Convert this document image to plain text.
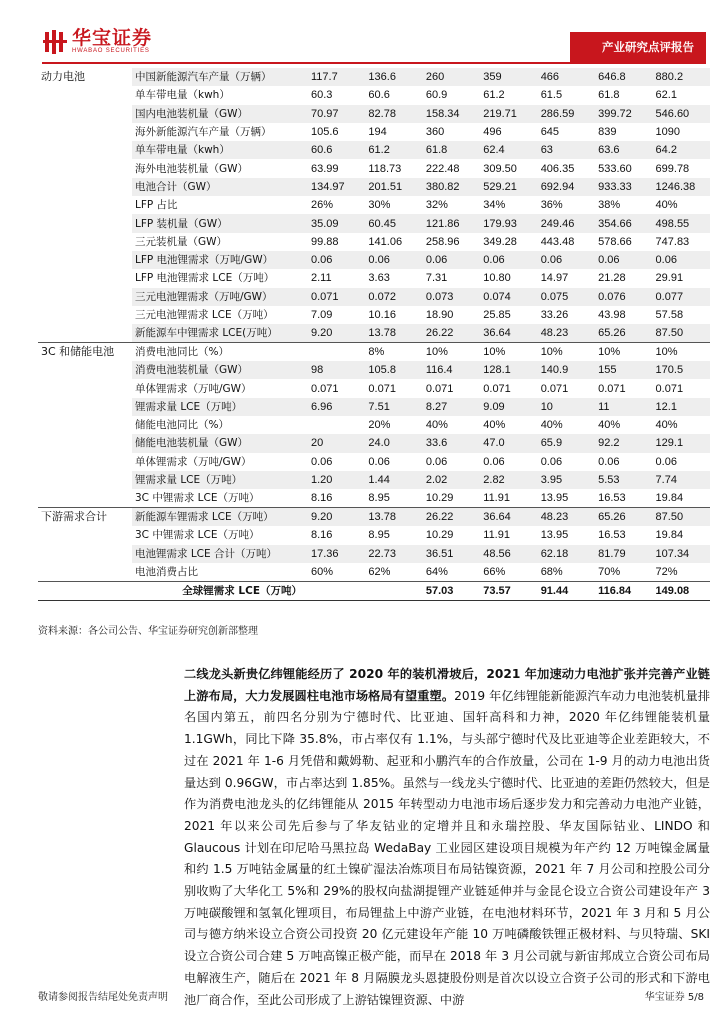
华宝证券
HWABAO SECURITIES	产业研究点评报告
动力电池	中国新能源汽车产量（万辆）	117.7	136.6	260	359	466	646.8	880.2
	单车带电量（kwh）	60.3	60.6	60.9	61.2	61.5	61.8	62.1
	国内电池装机量（GW）	70.97	82.78	158.34	219.71	286.59	399.72	546.60
	海外新能源汽车产量（万辆）	105.6	194	360	496	645	839	1090
	单车带电量（kwh）	60.6	61.2	61.8	62.4	63	63.6	64.2
	海外电池装机量（GW）	63.99	118.73	222.48	309.50	406.35	533.60	699.78
	电池合计（GW）	134.97	201.51	380.82	529.21	692.94	933.33	1246.38
	LFP 占比	26%	30%	32%	34%	36%	38%	40%
	LFP 装机量（GW）	35.09	60.45	121.86	179.93	249.46	354.66	498.55
	三元装机量（GW）	99.88	141.06	258.96	349.28	443.48	578.66	747.83
	LFP 电池锂需求（万吨/GW）	0.06	0.06	0.06	0.06	0.06	0.06	0.06
	LFP 电池锂需求 LCE（万吨）	2.11	3.63	7.31	10.80	14.97	21.28	29.91
	三元电池锂需求（万吨/GW）	0.071	0.072	0.073	0.074	0.075	0.076	0.077
	三元电池锂需求 LCE（万吨）	7.09	10.16	18.90	25.85	33.26	43.98	57.58
	新能源车中锂需求 LCE(万吨）	9.20	13.78	26.22	36.64	48.23	65.26	87.50
3C 和储能电池	消费电池同比（%）		8%	10%	10%	10%	10%	10%
	消费电池装机量（GW）	98	105.8	116.4	128.1	140.9	155	170.5
	单体锂需求（万吨/GW）	0.071	0.071	0.071	0.071	0.071	0.071	0.071
	锂需求量 LCE（万吨）	6.96	7.51	8.27	9.09	10	11	12.1
	储能电池同比（%）		20%	40%	40%	40%	40%	40%
	储能电池装机量（GW）	20	24.0	33.6	47.0	65.9	92.2	129.1
	单体锂需求（万吨/GW）	0.06	0.06	0.06	0.06	0.06	0.06	0.06
	锂需求量 LCE（万吨）	1.20	1.44	2.02	2.82	3.95	5.53	7.74
	3C 中锂需求 LCE（万吨）	8.16	8.95	10.29	11.91	13.95	16.53	19.84
下游需求合计	新能源车锂需求 LCE（万吨）	9.20	13.78	26.22	36.64	48.23	65.26	87.50
	3C 中锂需求 LCE（万吨）	8.16	8.95	10.29	11.91	13.95	16.53	19.84
	电池锂需求 LCE 合计（万吨）	17.36	22.73	36.51	48.56	62.18	81.79	107.34
	电池消费占比	60%	62%	64%	66%	68%	70%	72%
全球锂需求 LCE（万吨）				57.03	73.57	91.44	116.84	149.08
资料来源：各公司公告、华宝证券研究创新部整理
二线龙头新贵亿纬锂能经历了 2020 年的装机滑坡后，2021 年加速动力电池扩张并完善产业链上游布局，大力发展圆柱电池市场格局有望重塑。2019 年亿纬锂能新能源汽车动力电池装机量排名国内第五，前四名分别为宁德时代、比亚迪、国轩高科和力神，2020 年亿纬锂能装机量 1.1GWh，同比下降 35.8%，市占率仅有 1.1%，与头部宁德时代及比亚迪等企业差距较大，不过在 2021 年 1-6 月凭借和戴姆勒、起亚和小鹏汽车的合作放量，公司在 1-9 月的动力电池出货量达到 0.96GW，市占率达到 1.85%。虽然与一线龙头宁德时代、比亚迪的差距仍然较大，但是作为消费电池龙头的亿纬锂能从 2015 年转型动力电池市场后逐步发力和完善动力电池产业链，2021 年以来公司先后参与了华友钴业的定增并且和永瑞控股、华友国际钴业、LINDO 和 Glaucous 计划在印尼哈马黑拉岛 WedaBay 工业园区建设项目规模为年产约 12 万吨镍金属量和约 1.5 万吨钴金属量的红土镍矿湿法冶炼项目布局钴镍资源，2021 年 7 月公司和控股公司分别收购了大华化工 5%和 29%的股权向盐湖提锂产业链延伸并与金昆仑设立合资公司建设年产 3 万吨碳酸锂和氢氧化锂项目，布局锂盐上中游产业链，在电池材料环节，2021 年 3 月和 5 月公司与德方纳米设立合资公司投资 20 亿元建设年产能 10 万吨磷酸铁锂正极材料、与贝特瑞、SKI 设立合资公司合建 5 万吨高镍正极产能，而早在 2018 年 3 月公司就与新宙邦成立合资公司布局电解液生产，随后在 2021 年 8 月隔膜龙头恩捷股份则是首次以设立合资子公司的形式和下游电池厂商合作，至此公司形成了上游钴镍锂资源、中游
敬请参阅报告结尾处免责声明	华宝证券 5/8
